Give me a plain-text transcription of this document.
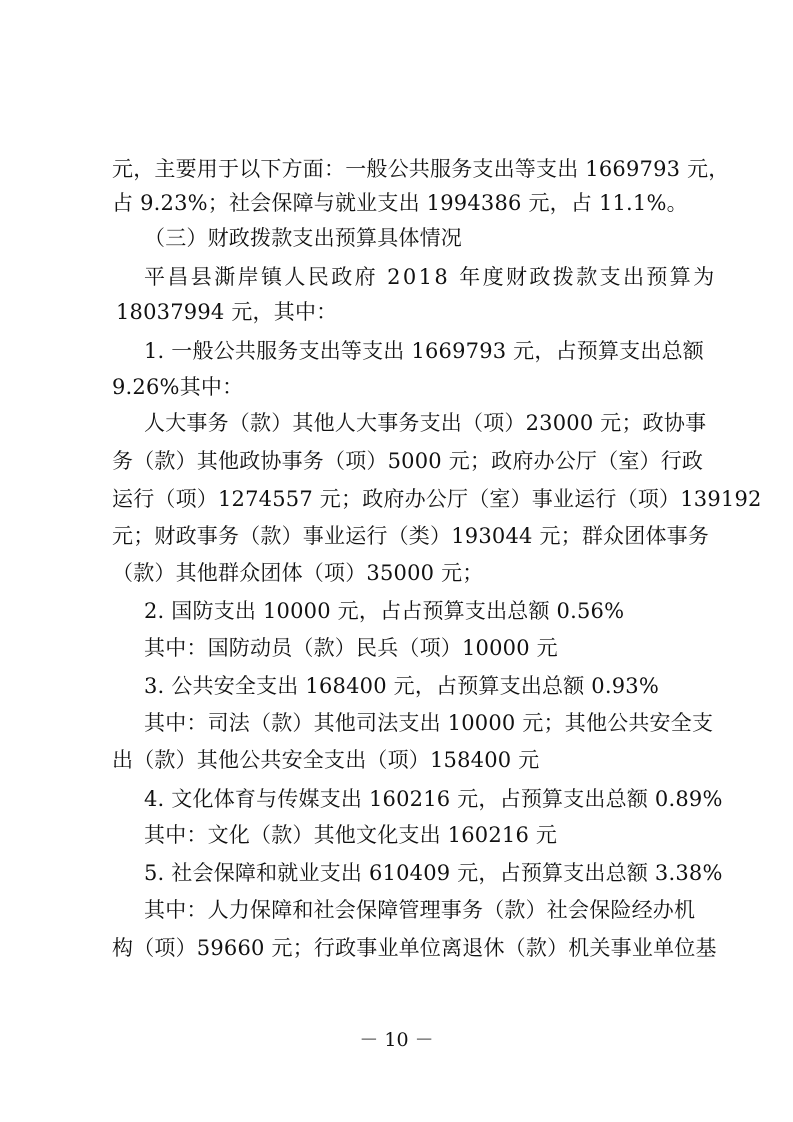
元，主要用于以下方面：一般公共服务支出等支出 1669793 元，
占 9.23%；社会保障与就业支出 1994386 元，占 11.1%。
（三）财政拨款支出预算具体情况
平昌县澌岸镇人民政府 2018 年度财政拨款支出预算为
18037994 元，其中：
1. 一般公共服务支出等支出 1669793 元，占预算支出总额
9.26%其中：
人大事务（款）其他人大事务支出（项）23000 元；政协事
务（款）其他政协事务（项）5000 元；政府办公厅（室）行政
运行（项）1274557 元；政府办公厅（室）事业运行（项）139192
元；财政事务（款）事业运行（类）193044 元；群众团体事务
（款）其他群众团体（项）35000 元；
2. 国防支出 10000 元，占占预算支出总额 0.56%
其中：国防动员（款）民兵（项）10000 元
3. 公共安全支出 168400 元，占预算支出总额 0.93%
其中：司法（款）其他司法支出 10000 元；其他公共安全支
出（款）其他公共安全支出（项）158400 元
4. 文化体育与传媒支出 160216 元，占预算支出总额 0.89%
其中：文化（款）其他文化支出 160216 元
5. 社会保障和就业支出 610409 元，占预算支出总额 3.38%
其中：人力保障和社会保障管理事务（款）社会保险经办机
构（项）59660 元；行政事业单位离退休（款）机关事业单位基
－ 10 －
